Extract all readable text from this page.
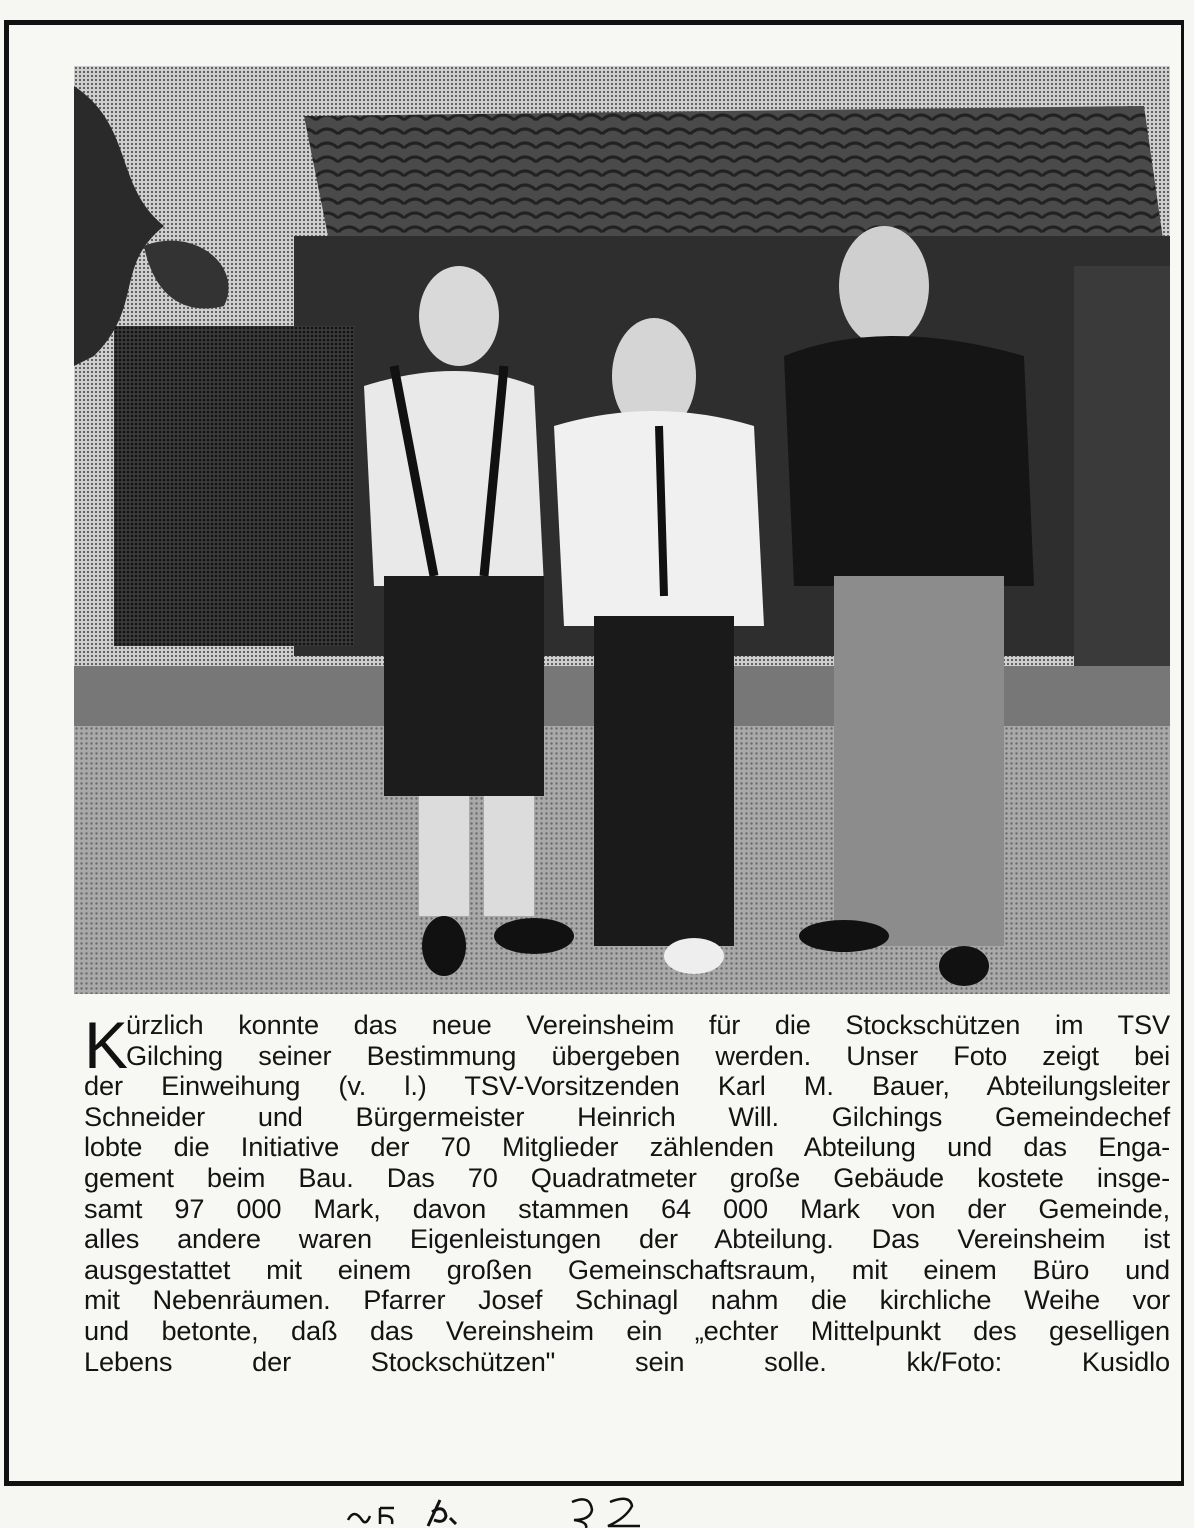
K
ürzlich konnte das neue Vereinsheim für die Stockschützen im TSV
Gilching seiner Bestimmung übergeben werden. Unser Foto zeigt bei
der Einweihung (v. l.) TSV-Vorsitzenden Karl M. Bauer, Abteilungsleiter
Schneider und Bürgermeister Heinrich Will. Gilchings Gemeindechef
lobte die Initiative der 70 Mitglieder zählenden Abteilung und das Enga-
gement beim Bau. Das 70 Quadratmeter große Gebäude kostete insge-
samt 97 000 Mark, davon stammen 64 000 Mark von der Gemeinde,
alles andere waren Eigenleistungen der Abteilung. Das Vereinsheim ist
ausgestattet mit einem großen Gemeinschaftsraum, mit einem Büro und
mit Nebenräumen. Pfarrer Josef Schinagl nahm die kirchliche Weihe vor
und betonte, daß das Vereinsheim ein „echter Mittelpunkt des geselligen
Lebens der Stockschützen" sein solle.	kk/Foto: Kusidlo
